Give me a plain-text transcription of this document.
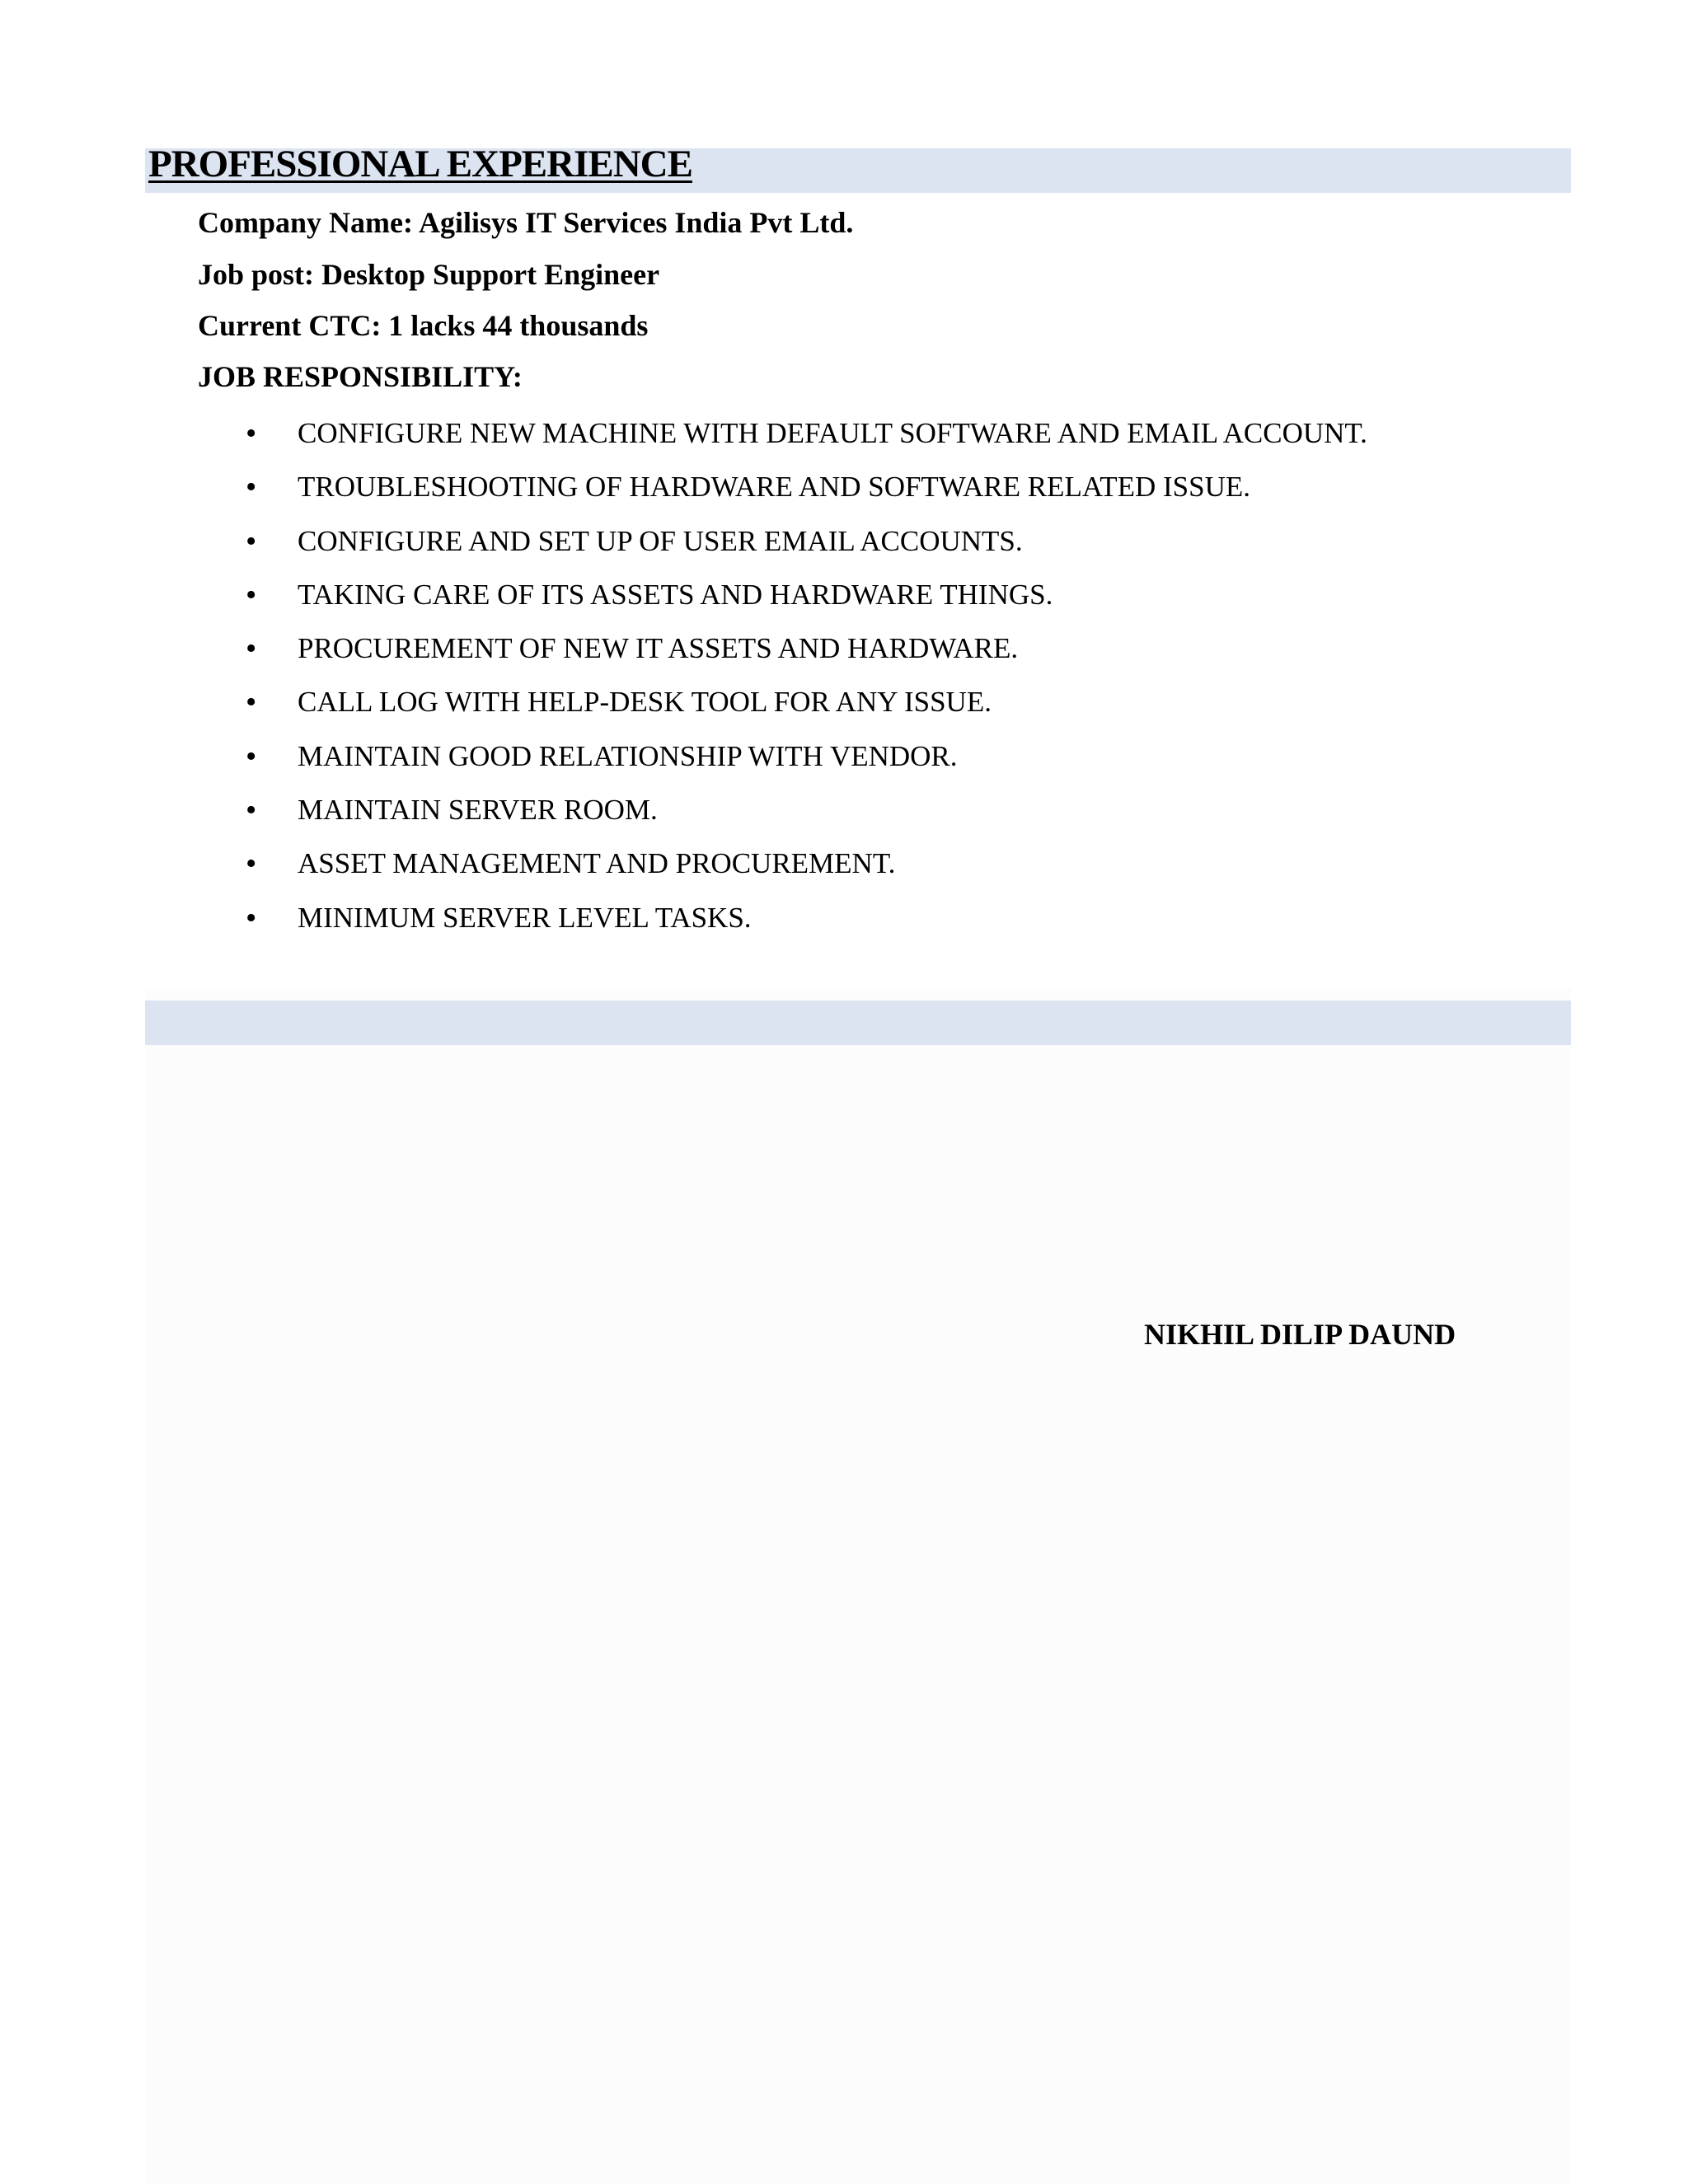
PROFESSIONAL EXPERIENCE
Company Name: Agilisys IT Services India Pvt Ltd.
Job post: Desktop Support Engineer
Current CTC: 1 lacks 44 thousands
JOB RESPONSIBILITY:
• CONFIGURE NEW MACHINE WITH DEFAULT SOFTWARE AND EMAIL ACCOUNT.
• TROUBLESHOOTING OF HARDWARE AND SOFTWARE RELATED ISSUE.
• CONFIGURE AND SET UP OF USER EMAIL ACCOUNTS.
• TAKING CARE OF ITS ASSETS AND HARDWARE THINGS.
• PROCUREMENT OF NEW IT ASSETS AND HARDWARE.
• CALL LOG WITH HELP-DESK TOOL FOR ANY ISSUE.
• MAINTAIN GOOD RELATIONSHIP WITH VENDOR.
• MAINTAIN SERVER ROOM.
• ASSET MANAGEMENT AND PROCUREMENT.
• MINIMUM SERVER LEVEL TASKS.
NIKHIL DILIP DAUND
